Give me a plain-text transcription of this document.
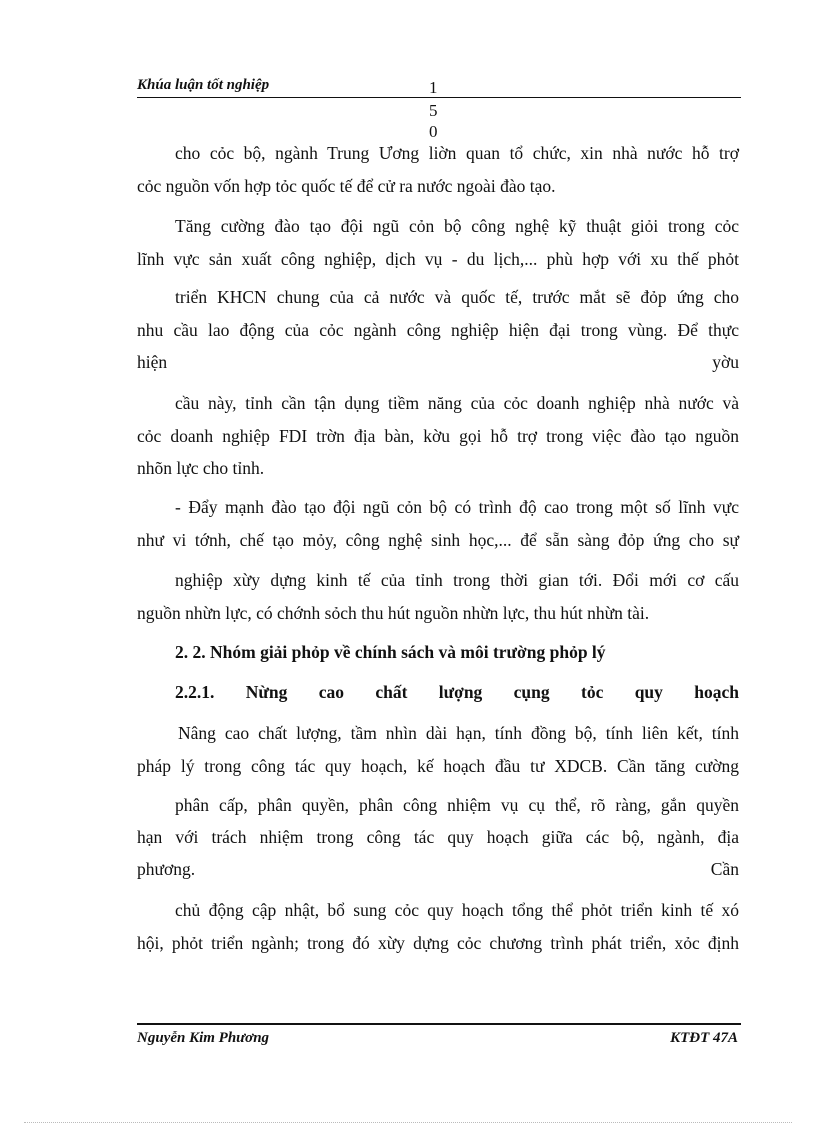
Khúa luận tốt nghiệp	1
5
0
cho cỏc bộ, ngành Trung Ương liờn quan tổ chức, xin nhà nước hỗ trợ
cỏc nguồn vốn hợp tỏc quốc tế để cử ra nước ngoài đào tạo.
Tăng cường đào tạo đội ngũ cỏn bộ công nghệ kỹ thuật giỏi trong cỏc
lĩnh vực sản xuất công nghiệp, dịch vụ - du lịch,... phù hợp với xu thế phỏt
triển KHCN chung của cả nước và quốc tế, trước mắt sẽ đỏp ứng cho
nhu cầu lao động của cỏc ngành công nghiệp hiện đại trong vùng. Để thực
hiện	yờu
cầu này, tỉnh cần tận dụng tiềm năng của cỏc doanh nghiệp nhà nước và
cỏc doanh nghiệp FDI trờn địa bàn, kờu gọi hỗ trợ trong việc đào tạo nguồn
nhõn lực cho tỉnh.
- Đẩy mạnh đào tạo đội ngũ cỏn bộ có trình độ cao trong một số lĩnh vực
như vi tớnh, chế tạo mỏy, công nghệ sinh học,... để sẵn sàng đỏp ứng cho sự
nghiệp xừy dựng kinh tế của tỉnh trong thời gian tới. Đổi mới cơ cấu
nguồn nhừn lực, có chớnh sỏch thu hút nguồn nhừn lực, thu hút nhừn tài.
2. 2. Nhóm giải phỏp về chính sách và môi trường phỏp lý
2.2.1.     Nừng     cao     chất     lượng     cụng     tỏc     quy     hoạch
Nâng cao chất lượng, tầm nhìn dài hạn, tính đồng bộ, tính liên kết, tính
pháp lý trong công tác quy hoạch, kế hoạch đầu tư XDCB. Cần tăng cường
phân cấp, phân quyền, phân công nhiệm vụ cụ thể, rõ ràng, gắn quyền
hạn với trách nhiệm trong công tác quy hoạch giữa các bộ, ngành, địa
phương.	Cần
chủ động cập nhật, bổ sung cỏc quy hoạch tổng thể phỏt triển kinh tế xó
hội, phỏt triển ngành; trong đó xừy dựng cỏc chương trình phát triển, xỏc định
Nguyễn Kim Phương	KTĐT 47A
